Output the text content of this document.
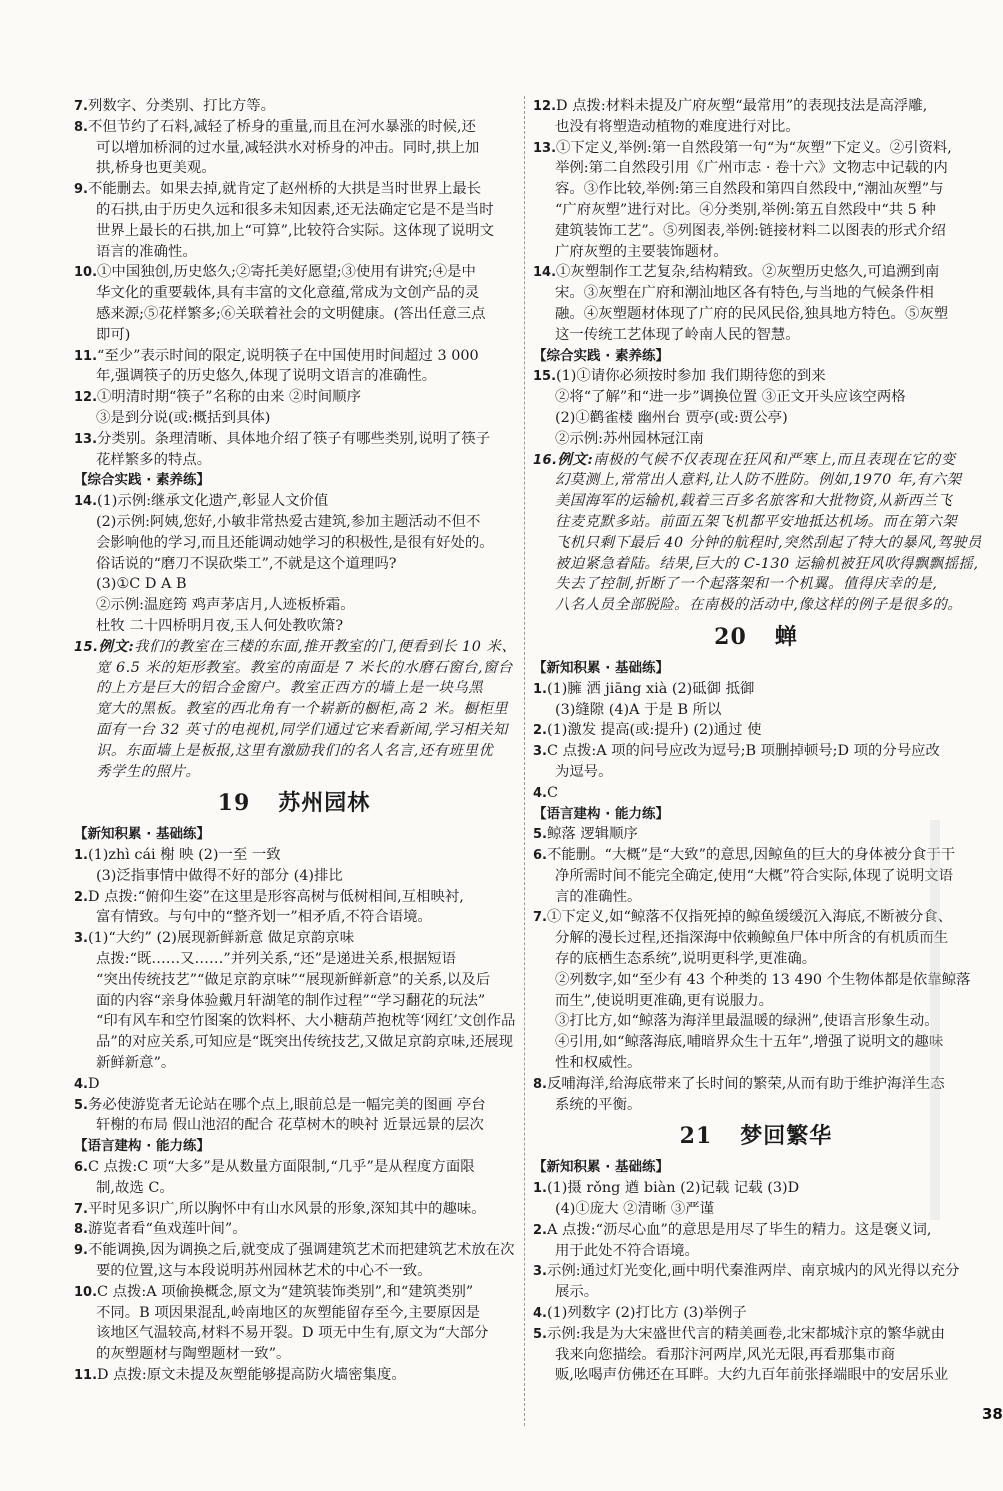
7.列数字、分类别、打比方等。
8.不但节约了石料,减轻了桥身的重量,而且在河水暴涨的时候,还
可以增加桥洞的过水量,减轻洪水对桥身的冲击。同时,拱上加
拱,桥身也更美观。
9.不能删去。如果去掉,就肯定了赵州桥的大拱是当时世界上最长
的石拱,由于历史久远和很多未知因素,还无法确定它是不是当时
世界上最长的石拱,加上“可算”,比较符合实际。这体现了说明文
语言的准确性。
10.①中国独创,历史悠久;②寄托美好愿望;③使用有讲究;④是中
华文化的重要载体,具有丰富的文化意蕴,常成为文创产品的灵
感来源;⑤花样繁多;⑥关联着社会的文明健康。(答出任意三点
即可)
11.“至少”表示时间的限定,说明筷子在中国使用时间超过 3 000
年,强调筷子的历史悠久,体现了说明文语言的准确性。
12.①明清时期“筷子”名称的由来 ②时间顺序
③是到分说(或:概括到具体)
13.分类别。条理清晰、具体地介绍了筷子有哪些类别,说明了筷子
花样繁多的特点。
【综合实践 · 素养练】
14.(1)示例:继承文化遗产,彰显人文价值
(2)示例:阿姨,您好,小敏非常热爱古建筑,参加主题活动不但不
会影响他的学习,而且还能调动她学习的积极性,是很有好处的。
俗话说的“磨刀不误砍柴工”,不就是这个道理吗?
(3)①C D A B
②示例:温庭筠 鸡声茅店月,人迹板桥霜。
杜牧 二十四桥明月夜,玉人何处教吹箫?
15.例文:我们的教室在三楼的东面,推开教室的门,便看到长 10 米、
宽 6.5 米的矩形教室。教室的南面是 7 米长的水磨石窗台,窗台
的上方是巨大的铝合金窗户。教室正西方的墙上是一块乌黑
宽大的黑板。教室的西北角有一个崭新的橱柜,高 2 米。橱柜里
面有一台 32 英寸的电视机,同学们通过它来看新闻,学习相关知
识。东面墙上是板报,这里有激励我们的名人名言,还有班里优
秀学生的照片。
19 苏州园林
【新知积累 · 基础练】
1.(1)zhì cái 榭 映 (2)一至 一致
(3)泛指事情中做得不好的部分 (4)排比
2.D 点拨:“俯仰生姿”在这里是形容高树与低树相间,互相映衬,
富有情致。与句中的“整齐划一”相矛盾,不符合语境。
3.(1)“大约” (2)展现新鲜新意 做足京韵京味
点拨:“既……又……”并列关系,“还”是递进关系,根据短语
“突出传统技艺”“做足京韵京味”“展现新鲜新意”的关系,以及后
面的内容“亲身体验戴月轩湖笔的制作过程”“学习翻花的玩法”
“印有风车和空竹图案的饮料杯、大小糖葫芦抱枕等‘网红’文创作品
品”的对应关系,可知应是“既突出传统技艺,又做足京韵京味,还展现
新鲜新意”。
4.D
5.务必使游览者无论站在哪个点上,眼前总是一幅完美的图画 亭台
轩榭的布局 假山池沼的配合 花草树木的映衬 近景远景的层次
【语言建构 · 能力练】
6.C 点拨:C 项“大多”是从数量方面限制,“几乎”是从程度方面限
制,故选 C。
7.平时见多识广,所以胸怀中有山水风景的形象,深知其中的趣味。
8.游览者看“鱼戏莲叶间”。
9.不能调换,因为调换之后,就变成了强调建筑艺术而把建筑艺术放在次
要的位置,这与本段说明苏州园林艺术的中心不一致。
10.C 点拨:A 项偷换概念,原文为“建筑装饰类别”,和“建筑类别”
不同。B 项因果混乱,岭南地区的灰塑能留存至今,主要原因是
该地区气温较高,材料不易开裂。D 项无中生有,原文为“大部分
的灰塑题材与陶塑题材一致”。
11.D 点拨:原文未提及灰塑能够提高防火墙密集度。
12.D 点拨:材料未提及广府灰塑“最常用”的表现技法是高浮雕,
也没有将塑造动植物的难度进行对比。
13.①下定义,举例:第一自然段第一句“为“灰塑”下定义。②引资料,
举例:第二自然段引用《广州市志 · 卷十六》文物志中记载的内
容。③作比较,举例:第三自然段和第四自然段中,“潮汕灰塑”与
“广府灰塑”进行对比。④分类别,举例:第五自然段中“共 5 种
建筑装饰工艺”。⑤列图表,举例:链接材料二以图表的形式介绍
广府灰塑的主要装饰题材。
14.①灰塑制作工艺复杂,结构精致。②灰塑历史悠久,可追溯到南
宋。③灰塑在广府和潮汕地区各有特色,与当地的气候条件相
融。④灰塑题材体现了广府的民风民俗,独具地方特色。⑤灰塑
这一传统工艺体现了岭南人民的智慧。
【综合实践 · 素养练】
15.(1)①请你必须按时参加 我们期待您的到来
②将“了解”和“进一步”调换位置 ③正文开头应该空两格
(2)①鹳雀楼 幽州台 贾亭(或:贾公亭)
②示例:苏州园林冠江南
16.例文:南极的气候不仅表现在狂风和严寒上,而且表现在它的变
幻莫测上,常常出人意料,让人防不胜防。例如,1970 年,有六架
美国海军的运输机,载着三百多名旅客和大批物资,从新西兰飞
往麦克默多站。前面五架飞机都平安地抵达机场。而在第六架
飞机只剩下最后 40 分钟的航程时,突然刮起了特大的暴风,驾驶员
被迫紧急着陆。结果,巨大的 C-130 运输机被狂风吹得飘飘摇摇,
失去了控制,折断了一个起落架和一个机翼。值得庆幸的是,
八名人员全部脱险。在南极的活动中,像这样的例子是很多的。
20 蝉
【新知积累 · 基础练】
1.(1)臃 洒 jiāng xià (2)砥御 抵御
(3)缝隙 (4)A 于是 B 所以
2.(1)激发 提高(或:提升) (2)通过 使
3.C 点拨:A 项的问号应改为逗号;B 项删掉顿号;D 项的分号应改
为逗号。
4.C
【语言建构 · 能力练】
5.鲸落 逻辑顺序
6.不能删。“大概”是“大致”的意思,因鲸鱼的巨大的身体被分食于干
净所需时间不能完全确定,使用“大概”符合实际,体现了说明文语
言的准确性。
7.①下定义,如“鲸落不仅指死掉的鲸鱼缓缓沉入海底,不断被分食、
分解的漫长过程,还指深海中依赖鲸鱼尸体中所含的有机质而生
存的底栖生态系统”,说明更科学,更准确。
②列数字,如“至少有 43 个种类的 13 490 个生物体都是依靠鲸落
而生”,使说明更准确,更有说服力。
③打比方,如“鲸落为海洋里最温暖的绿洲”,使语言形象生动。
④引用,如“鲸落海底,哺暗界众生十五年”,增强了说明文的趣味
性和权威性。
8.反哺海洋,给海底带来了长时间的繁荣,从而有助于维护海洋生态
系统的平衡。
21 梦回繁华
【新知积累 · 基础练】
1.(1)摄 rǒng 遒 biàn (2)记载 记载 (3)D
(4)①庞大 ②清晰 ③严谨
2.A 点拨:“沥尽心血”的意思是用尽了毕生的精力。这是褒义词,
用于此处不符合语境。
3.示例:通过灯光变化,画中明代秦淮两岸、南京城内的风光得以充分
展示。
4.(1)列数字 (2)打比方 (3)举例子
5.示例:我是为大宋盛世代言的精美画卷,北宋都城汴京的繁华就由
我来向您描绘。看那汴河两岸,风光无限,再看那集市商
贩,吆喝声仿佛还在耳畔。大约九百年前张择端眼中的安居乐业
38
